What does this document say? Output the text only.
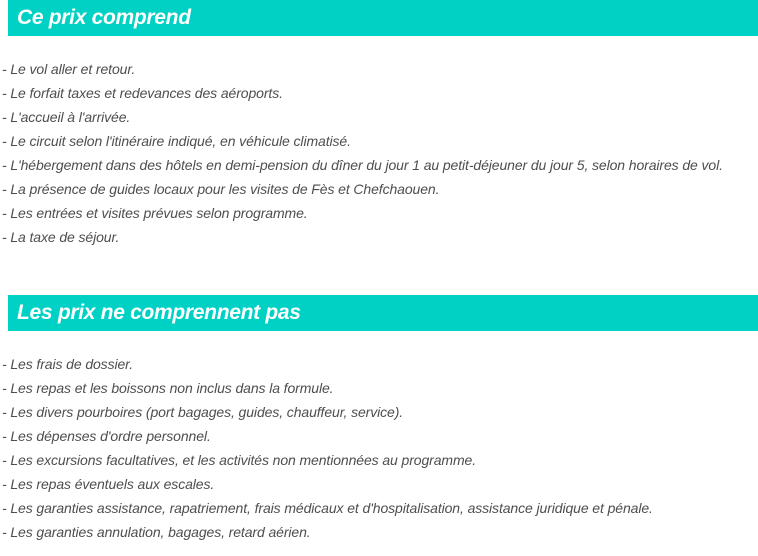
Ce prix comprend
- Le vol aller et retour.
- Le forfait taxes et redevances des aéroports.
- L'accueil à l'arrivée.
- Le circuit selon l'itinéraire indiqué, en véhicule climatisé.
- L'hébergement dans des hôtels en demi-pension du dîner du jour 1 au petit-déjeuner du jour 5, selon horaires de vol.
- La présence de guides locaux pour les visites de Fès et Chefchaouen.
- Les entrées et visites prévues selon programme.
- La taxe de séjour.
Les prix ne comprennent pas
- Les frais de dossier.
- Les repas et les boissons non inclus dans la formule.
- Les divers pourboires (port bagages, guides, chauffeur, service).
- Les dépenses d'ordre personnel.
- Les excursions facultatives, et les activités non mentionnées au programme.
- Les repas éventuels aux escales.
- Les garanties assistance, rapatriement, frais médicaux et d'hospitalisation, assistance juridique et pénale.
- Les garanties annulation, bagages, retard aérien.
